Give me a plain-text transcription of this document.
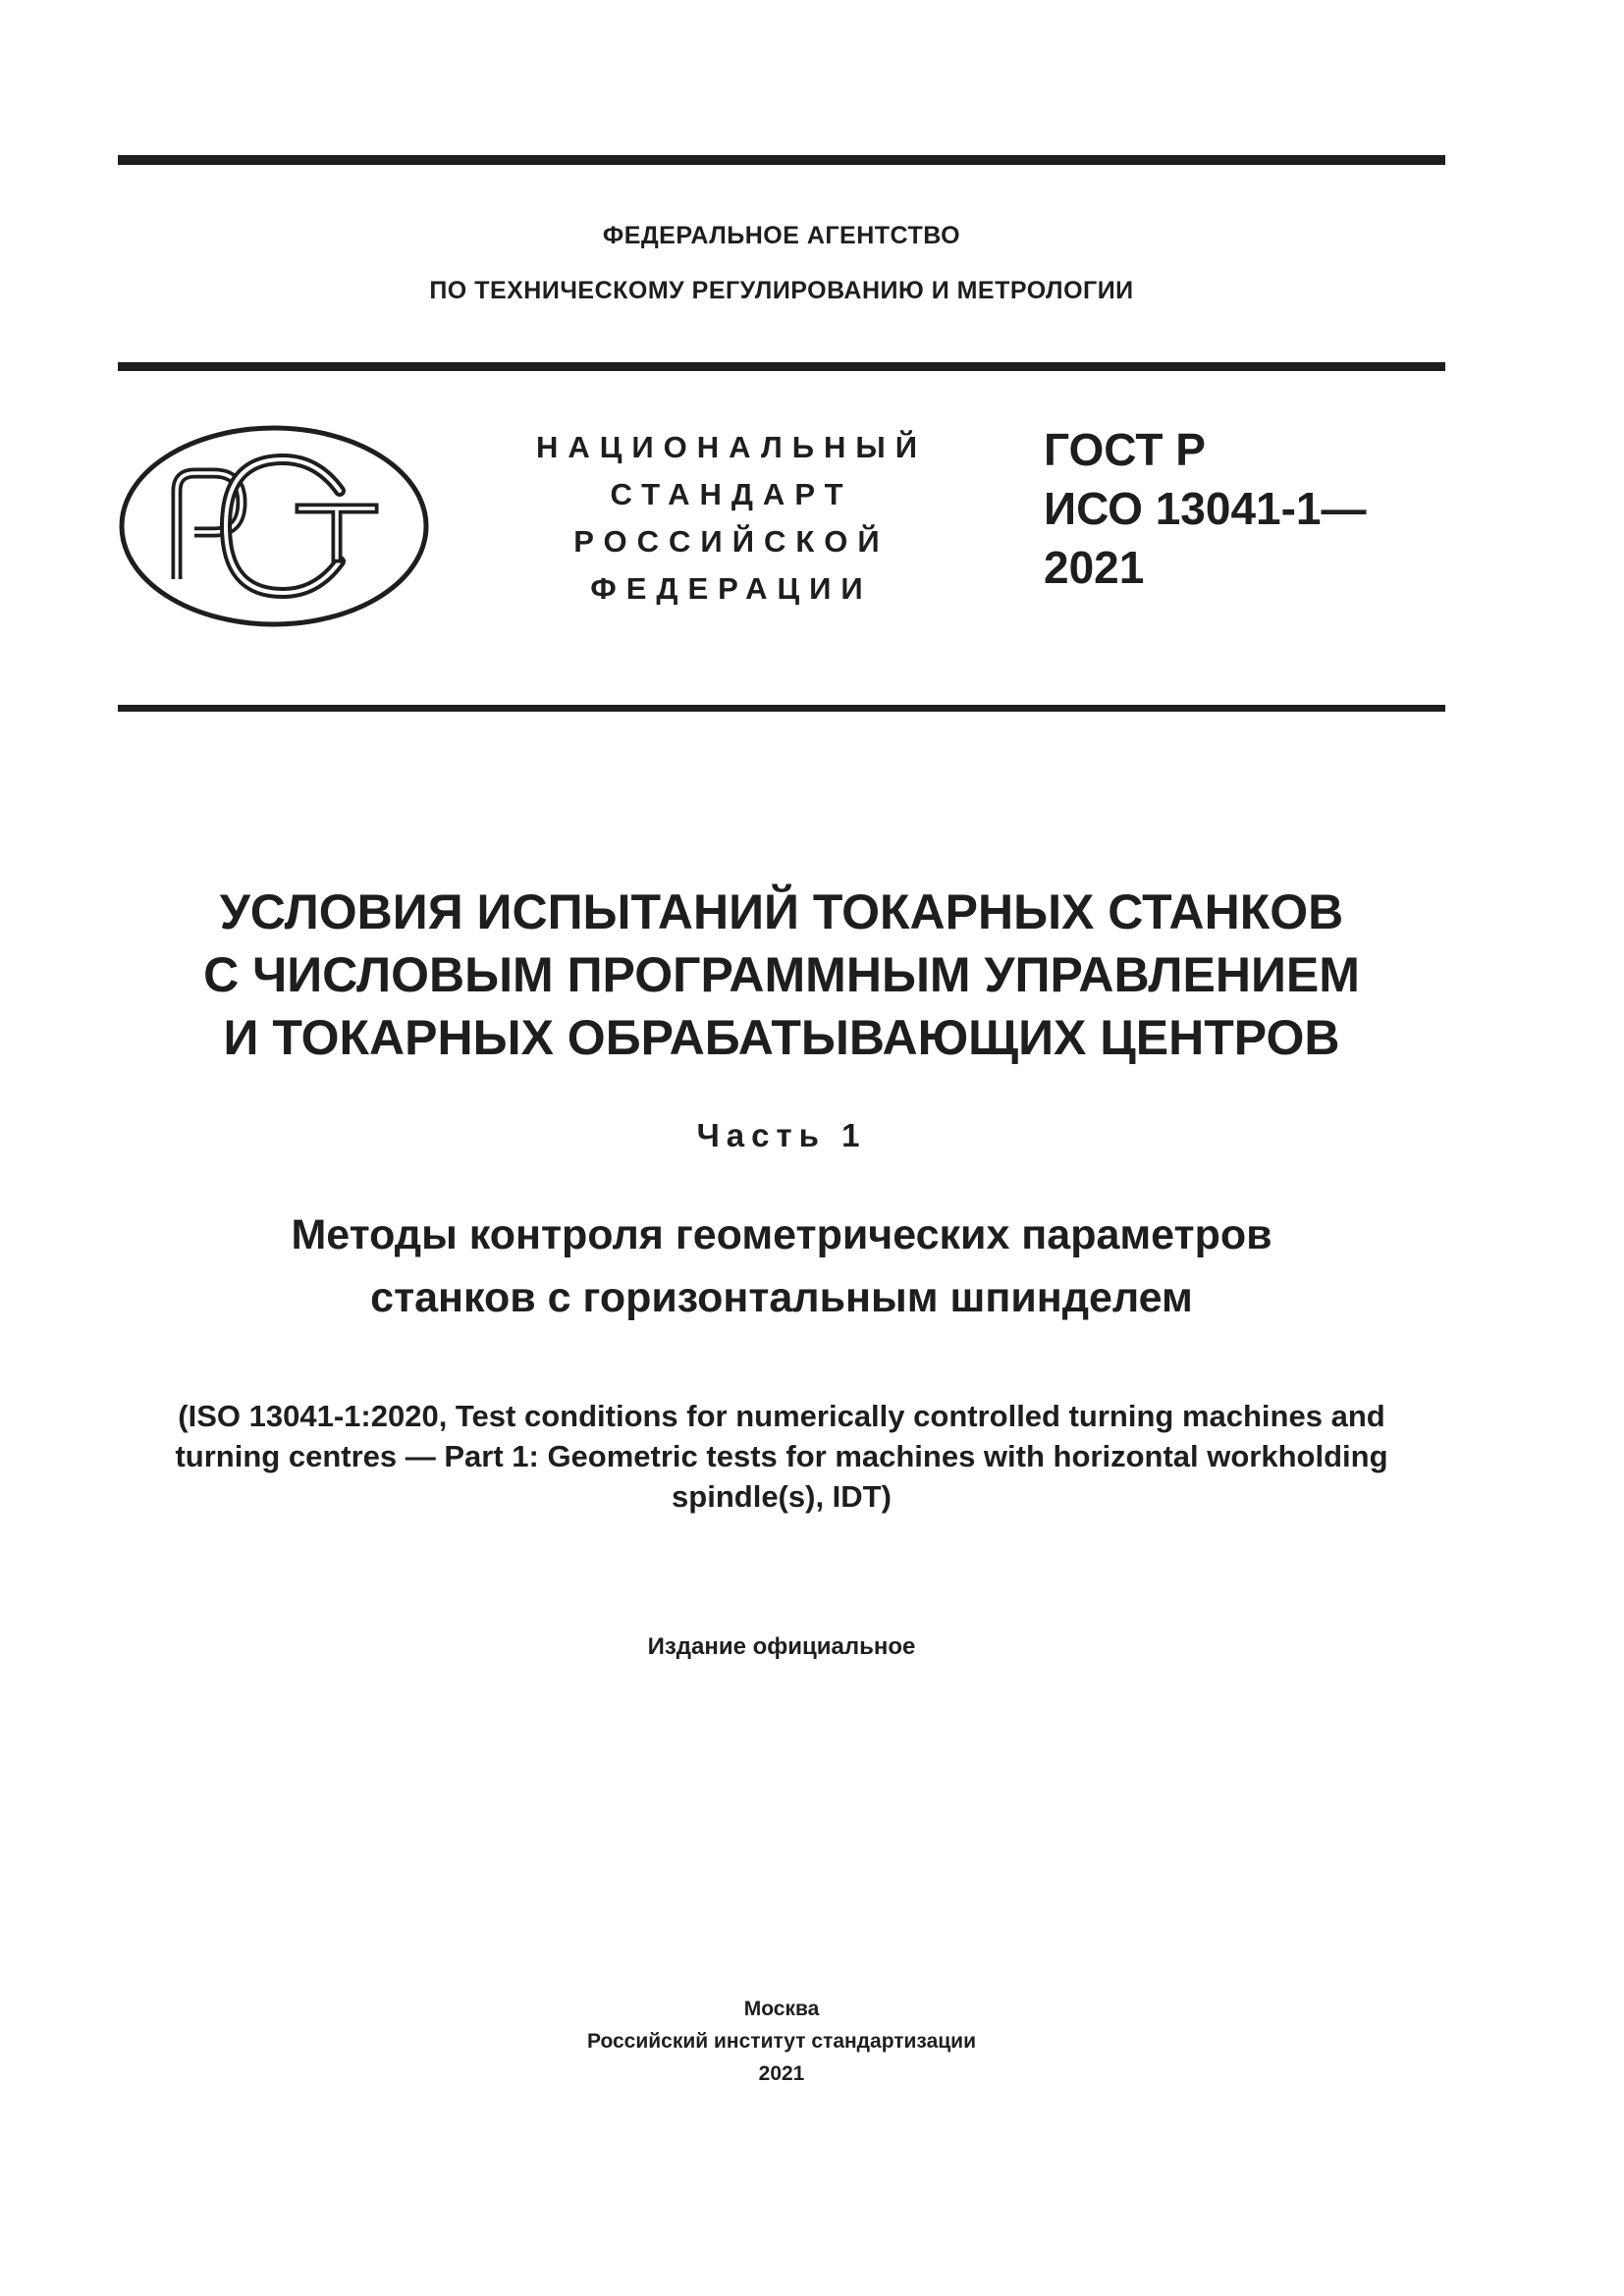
ФЕДЕРАЛЬНОЕ АГЕНТСТВО
ПО ТЕХНИЧЕСКОМУ РЕГУЛИРОВАНИЮ И МЕТРОЛОГИИ
НАЦИОНАЛЬНЫЙ
СТАНДАРТ
РОССИЙСКОЙ
ФЕДЕРАЦИИ
ГОСТ Р
ИСО 13041-1—
2021
УСЛОВИЯ ИСПЫТАНИЙ ТОКАРНЫХ СТАНКОВ
С ЧИСЛОВЫМ ПРОГРАММНЫМ УПРАВЛЕНИЕМ
И ТОКАРНЫХ ОБРАБАТЫВАЮЩИХ ЦЕНТРОВ
Часть 1
Методы контроля геометрических параметров
станков с горизонтальным шпинделем
(ISO 13041-1:2020, Test conditions for numerically controlled turning machines and
turning centres — Part 1: Geometric tests for machines with horizontal workholding
spindle(s), IDT)
Издание официальное
Москва
Российский институт стандартизации
2021
